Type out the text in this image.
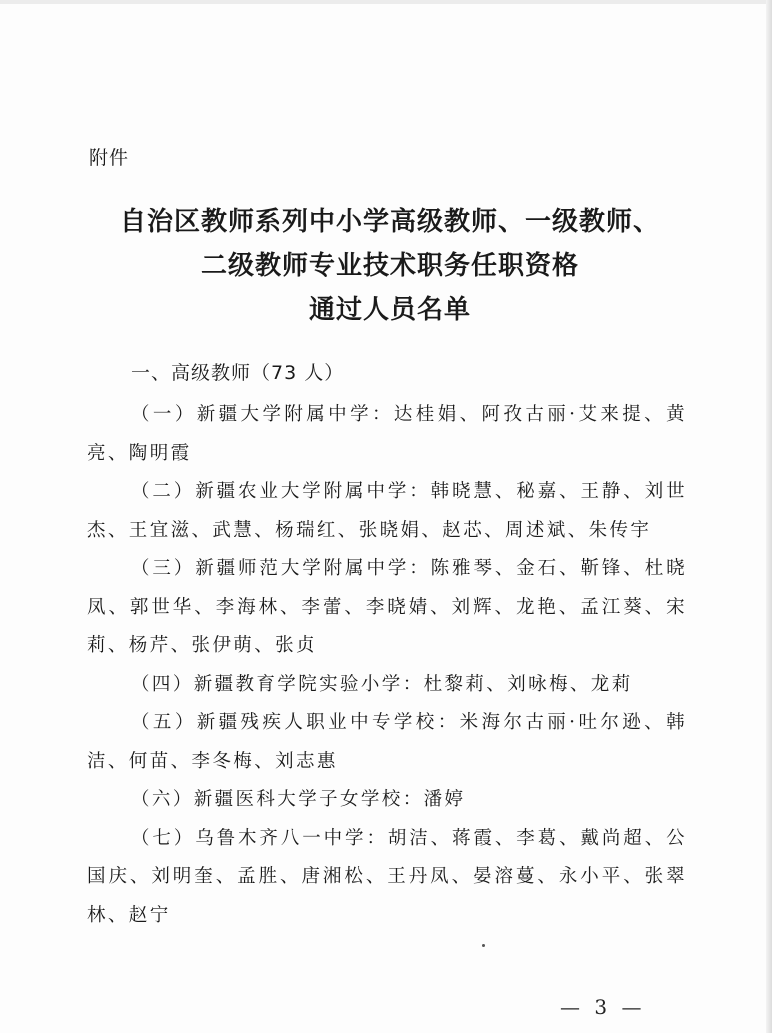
附件
自治区教师系列中小学高级教师、一级教师、
二级教师专业技术职务任职资格
通过人员名单
一、高级教师（73 人）

（一）新疆大学附属中学：达桂娟、阿孜古丽·艾来提、黄亮、陶明霞

（二）新疆农业大学附属中学：韩晓慧、秘嘉、王静、刘世杰、王宜滋、武慧、杨瑞红、张晓娟、赵芯、周述斌、朱传宇

（三）新疆师范大学附属中学：陈雅琴、金石、靳锋、杜晓凤、郭世华、李海林、李蕾、李晓婧、刘辉、龙艳、孟江葵、宋莉、杨芹、张伊萌、张贞

（四）新疆教育学院实验小学：杜黎莉、刘咏梅、龙莉

（五）新疆残疾人职业中专学校：米海尔古丽·吐尔逊、韩洁、何苗、李冬梅、刘志惠

（六）新疆医科大学子女学校：潘婷

（七）乌鲁木齐八一中学：胡洁、蒋霞、李葛、戴尚超、公国庆、刘明奎、孟胜、唐湘松、王丹凤、晏溶蔓、永小平、张翠林、赵宁

— 3 —
